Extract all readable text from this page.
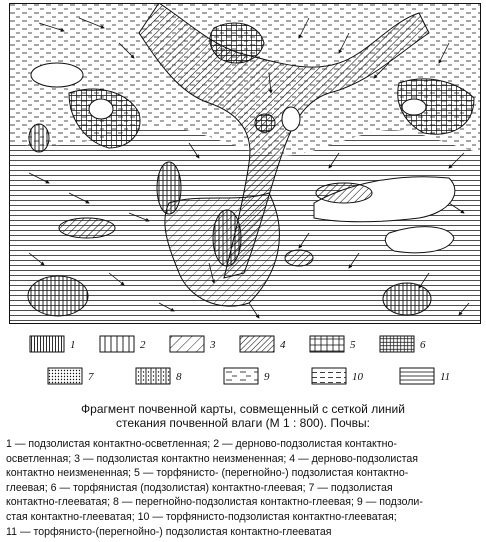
1	2	3	4	5	6
7	8	9	10	11
Фрагмент почвенной карты, совмещенный с сеткой линий
стекания почвенной влаги (М 1 : 800). Почвы:
1 — подзолистая контактно-осветленная; 2 — дерново-подзолистая контактно-
осветленная; 3 — подзолистая контактно неизмененная; 4 — дерново-подзолистая
контактно неизмененная; 5 — торфянисто- (перегнойно-) подзолистая контактно-
глеевая; 6 — торфянистая (подзолистая) контактно-глеевая; 7 — подзолистая
контактно-глееватая; 8 — перегнойно-подзолистая контактно-глеевая; 9 — подзоли-
стая контактно-глееватая; 10 — торфянисто-подзолистая контактно-глееватая;
11 — торфянисто-(перегнойно-) подзолистая контактно-глееватая
